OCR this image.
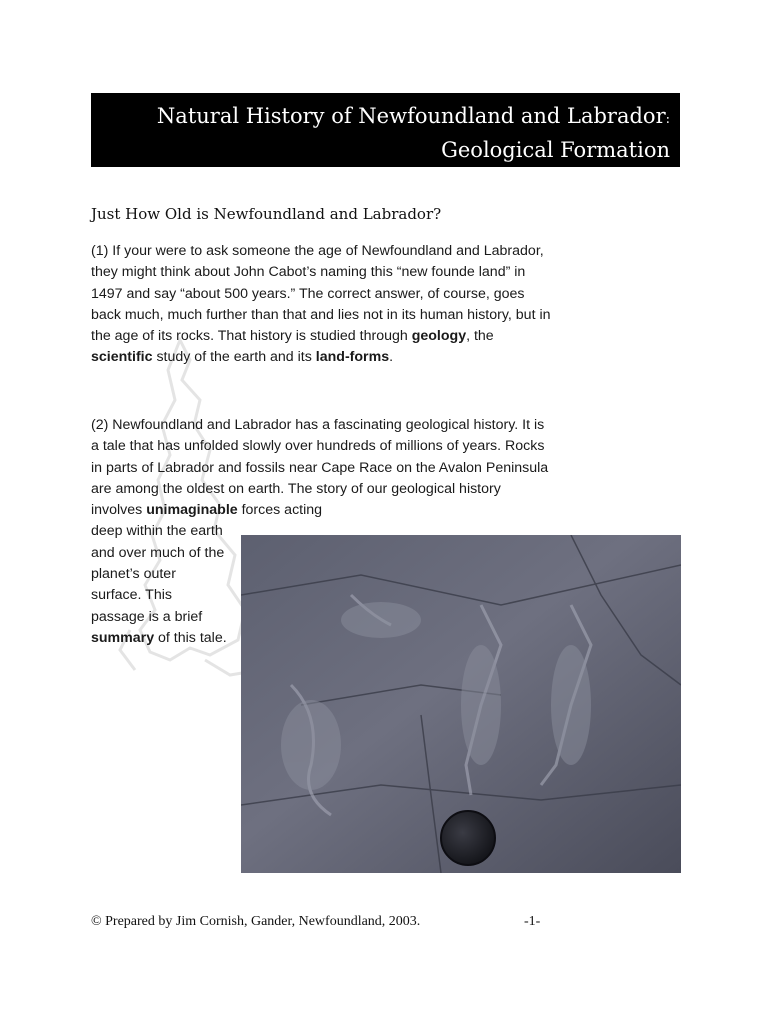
Natural History of Newfoundland and Labrador:
Geological Formation
Just How Old is Newfoundland and Labrador?

(1) If your were to ask someone the age of Newfoundland and Labrador, they might think about John Cabot’s naming this “new founde land” in 1497 and say “about 500 years.” The correct answer, of course, goes back much, much further than that and lies not in its human history, but in the age of its rocks. That history is studied through geology, the scientific study of the earth and its land-forms.

(2) Newfoundland and Labrador has a fascinating geological history. It is a tale that has unfolded slowly over hundreds of millions of years. Rocks in parts of Labrador and fossils near Cape Race on the Avalon Peninsula are among the oldest on earth. The story of our geological history involves unimaginable forces acting
deep within the earth
and over much of the
planet’s outer
surface. This
passage is a brief
summary of this tale.

© Prepared by Jim Cornish, Gander, Newfoundland, 2003.	-1-
